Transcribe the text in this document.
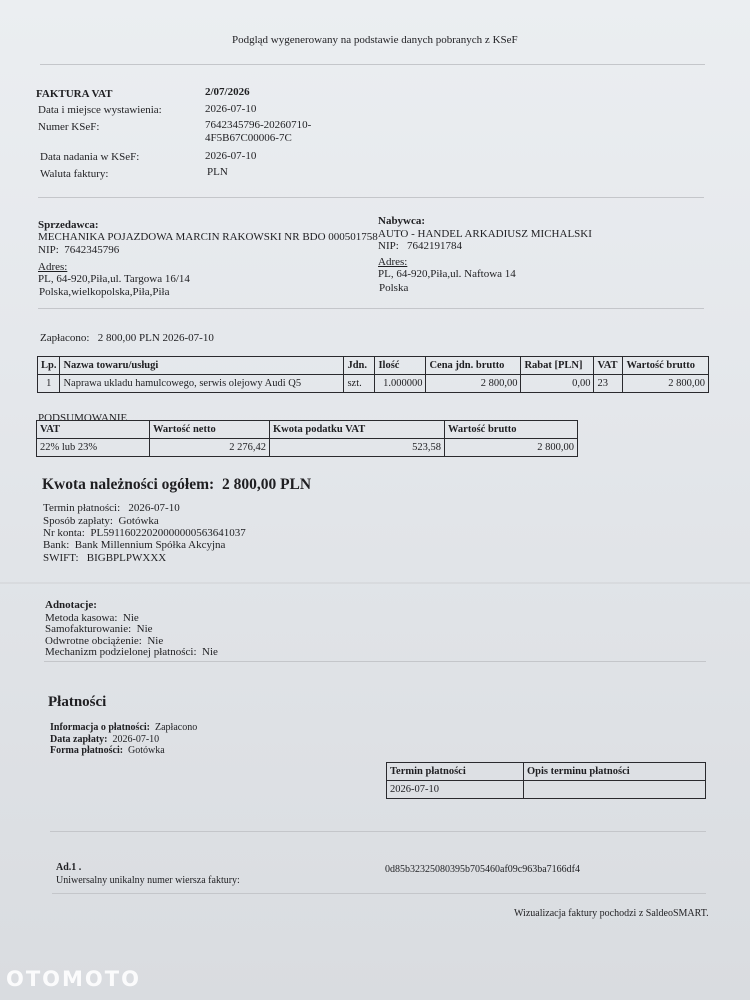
Podgląd wygenerowany na podstawie danych pobranych z KSeF
FAKTURA VAT	2/07/2026
Data i miejsce wystawienia:	2026-07-10
Numer KSeF:	7642345796-20260710-
4F5B67C00006-7C
Data nadania w KSeF:	2026-07-10
Waluta faktury:	PLN
Sprzedawca:
MECHANIKA POJAZDOWA MARCIN RAKOWSKI NR BDO 000501758
NIP: 7642345796
Adres:
PL, 64-920,Piła,ul. Targowa 16/14
Polska,wielkopolska,Piła,Piła
Nabywca:
AUTO - HANDEL ARKADIUSZ MICHALSKI
NIP: 7642191784
Adres:
PL, 64-920,Piła,ul. Naftowa 14
Polska
Zapłacono: 2 800,00 PLN 2026-07-10
Lp.	Nazwa towaru/usługi	Jdn.	Ilość	Cena jdn. brutto	Rabat [PLN]	VAT	Wartość brutto
1	Naprawa ukladu hamulcowego, serwis olejowy Audi Q5	szt.	1.000000	2 800,00	0,00	23	2 800,00
PODSUMOWANIE
VAT	Wartość netto	Kwota podatku VAT	Wartość brutto
22% lub 23%	2 276,42	523,58	2 800,00
Kwota należności ogółem: 2 800,00 PLN
Termin płatności: 2026-07-10
Sposób zapłaty: Gotówka
Nr konta: PL59116022020000000563641037
Bank: Bank Millennium Spółka Akcyjna
SWIFT: BIGBPLPWXXX
Adnotacje:
Metoda kasowa: Nie
Samofakturowanie: Nie
Odwrotne obciążenie: Nie
Mechanizm podzielonej płatności: Nie
Płatności
Informacja o płatności: Zapłacono
Data zapłaty: 2026-07-10
Forma płatności: Gotówka
Termin płatności	Opis terminu płatności
2026-07-10	
Ad.1 .
Uniwersalny unikalny numer wiersza faktury:
0d85b32325080395b705460af09c963ba7166df4
Wizualizacja faktury pochodzi z SaldeoSMART.
OTOMOTO
